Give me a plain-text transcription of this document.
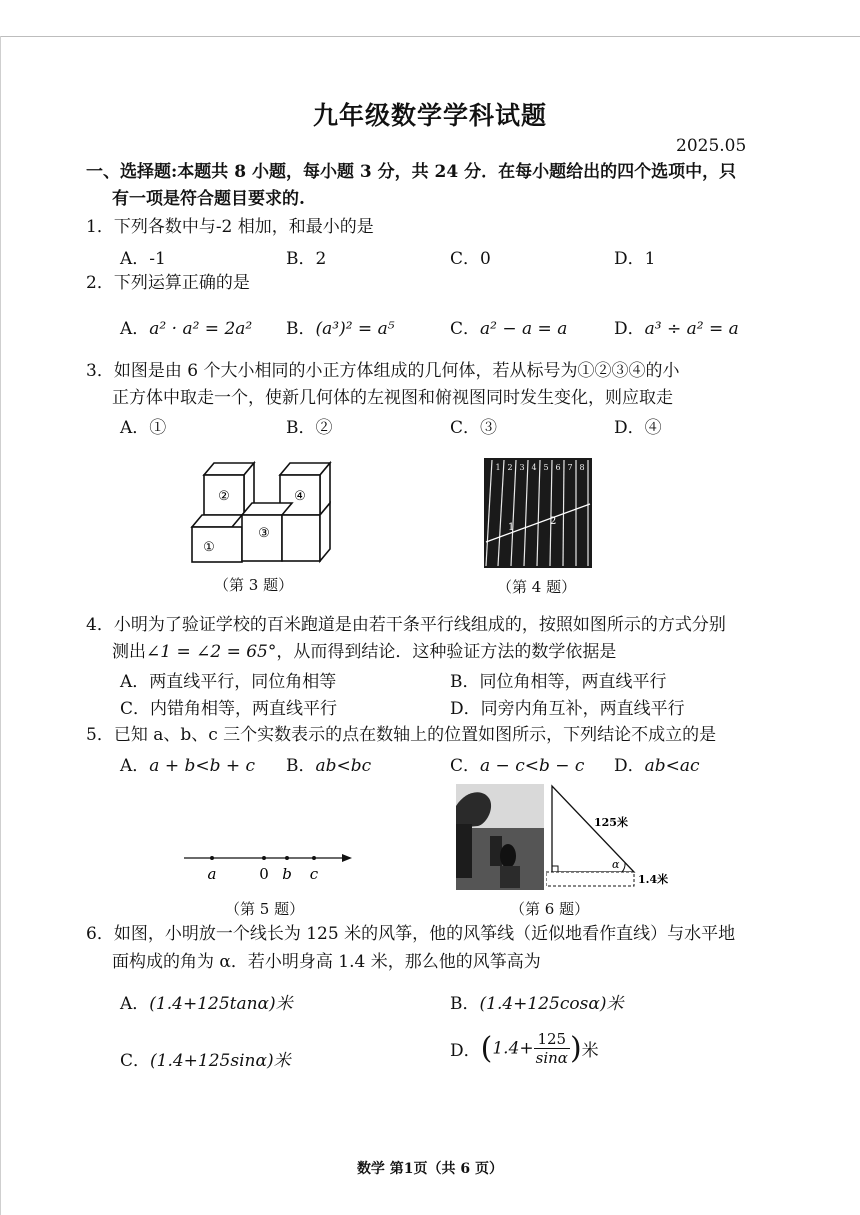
九年级数学学科试题
2025.05
一、选择题:本题共 8 小题，每小题 3 分，共 24 分．在每小题给出的四个选项中，只
有一项是符合题目要求的.
1．下列各数中与-2 相加，和最小的是
A．-1	B．2	C．0	D．1
2．下列运算正确的是
A．a² · a² = 2a² B．(a³)² = a⁵	C．a² − a = a	D．a³ ÷ a² = a
3．如图是由 6 个大小相同的小正方体组成的几何体，若从标号为①②③④的小
正方体中取走一个，使新几何体的左视图和俯视图同时发生变化，则应取走
A．①	B．②	C．③	D．④
②	④
①
③
（第 3 题）
1 2 3 4 5 6 7 8
1
2
（第 4 题）
4．小明为了验证学校的百米跑道是由若干条平行线组成的，按照如图所示的方式分别
测出∠1 = ∠2 = 65°，从而得到结论．这种验证方法的数学依据是
A．两直线平行，同位角相等	B．同位角相等，两直线平行
C．内错角相等，两直线平行	D．同旁内角互补，两直线平行
5．已知 a、b、c 三个实数表示的点在数轴上的位置如图所示，下列结论不成立的是
A．a + b<b + c B．ab<bc	C．a − c<b − c D．ab<ac
a	0 b c
（第 5 题）
125米
α
1.4米
（第 6 题）
6．如图，小明放一个线长为 125 米的风筝，他的风筝线（近似地看作直线）与水平地
面构成的角为 α．若小明身高 1.4 米，那么他的风筝高为
A．(1.4+125tanα)米	B．(1.4+125cosα)米
C．(1.4+125sinα)米	D．($1.4+ \frac{125}{\sin\alpha}$ )米
数学 第1页（共 6 页）
